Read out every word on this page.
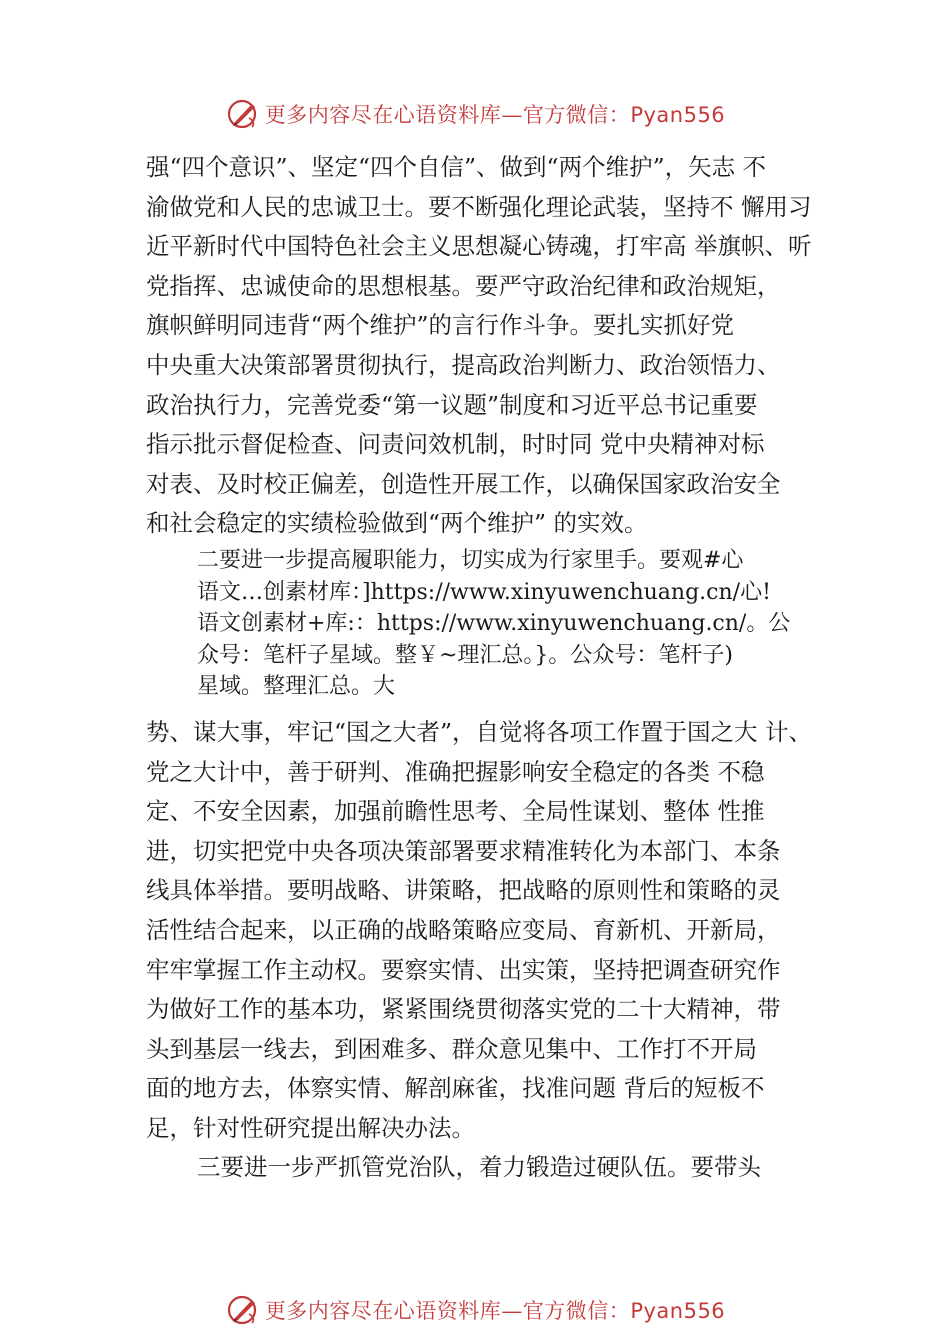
更多内容尽在心语资料库—官方微信：Pyan556
强“四个意识”、坚定“四个自信”、做到“两个维护”，矢志 不
渝做党和人民的忠诚卫士。要不断强化理论武装，坚持不 懈用习
近平新时代中国特色社会主义思想凝心铸魂，打牢高 举旗帜、听
党指挥、忠诚使命的思想根基。要严守政治纪律和政治规矩，
旗帜鲜明同违背“两个维护”的言行作斗争。要扎实抓好党
中央重大决策部署贯彻执行，提高政治判断力、政治领悟力、
政治执行力，完善党委“第一议题”制度和习近平总书记重要
指示批示督促检查、问责问效机制，时时同 党中央精神对标
对表、及时校正偏差，创造性开展工作，以确保国家政治安全
和社会稳定的实绩检验做到“两个维护” 的实效。
二要进一步提高履职能力，切实成为行家里手。要观#心
语文…创素材库：]https://www.xinyuwenchuang.cn/心!
语文创素材+库:：https://www.xinyuwenchuang.cn/。公
众号：笔杆子星域。整￥~理汇总。}。公众号：笔杆子)
星域。整理汇总。大
势、谋大事，牢记“国之大者”，自觉将各项工作置于国之大 计、
党之大计中，善于研判、准确把握影响安全稳定的各类 不稳
定、不安全因素，加强前瞻性思考、全局性谋划、整体 性推
进，切实把党中央各项决策部署要求精准转化为本部门、本条
线具体举措。要明战略、讲策略，把战略的原则性和策略的灵
活性结合起来，以正确的战略策略应变局、育新机、开新局，
牢牢掌握工作主动权。要察实情、出实策，坚持把调查研究作
为做好工作的基本功，紧紧围绕贯彻落实党的二十大精神，带
头到基层一线去，到困难多、群众意见集中、工作打不开局
面的地方去，体察实情、解剖麻雀，找准问题 背后的短板不
足，针对性研究提出解决办法。
三要进一步严抓管党治队，着力锻造过硬队伍。要带头
更多内容尽在心语资料库—官方微信：Pyan556
